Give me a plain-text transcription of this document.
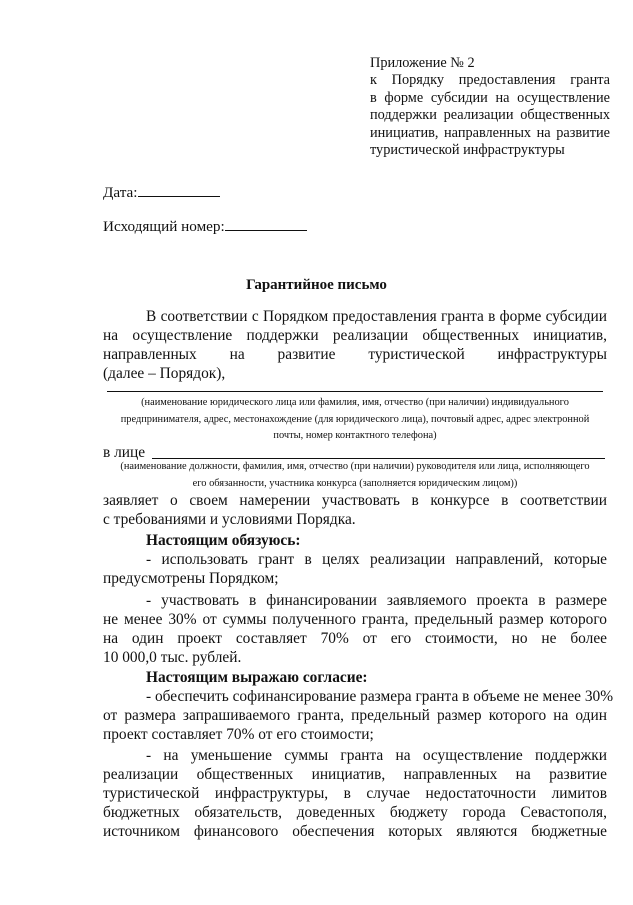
Приложение № 2
к Порядку предоставления гранта
в форме субсидии на осуществление
поддержки реализации общественных
инициатив, направленных на развитие
туристической инфраструктуры
Дата:
Исходящий номер:
Гарантийное письмо
В соответствии с Порядком предоставления гранта в форме субсидии
на осуществление поддержки реализации общественных инициатив,
направленных на развитие туристической инфраструктуры
(далее – Порядок),
(наименование юридического лица или фамилия, имя, отчество (при наличии) индивидуального
предпринимателя, адрес, местонахождение (для юридического лица), почтовый адрес, адрес электронной
почты, номер контактного телефона)
в лице
(наименование должности, фамилия, имя, отчество (при наличии) руководителя или лица, исполняющего
его обязанности, участника конкурса (заполняется юридическим лицом))
заявляет о своем намерении участвовать в конкурсе в соответствии
с требованиями и условиями Порядка.
Настоящим обязуюсь:
- использовать грант в целях реализации направлений, которые
предусмотрены Порядком;
- участвовать в финансировании заявляемого проекта в размере
не менее 30% от суммы полученного гранта, предельный размер которого
на один проект составляет 70% от его стоимости, но не более
10 000,0 тыс. рублей.
Настоящим выражаю согласие:
- обеспечить софинансирование размера гранта в объеме не менее 30%
от размера запрашиваемого гранта, предельный размер которого на один
проект составляет 70% от его стоимости;
- на уменьшение суммы гранта на осуществление поддержки
реализации общественных инициатив, направленных на развитие
туристической инфраструктуры, в случае недостаточности лимитов
бюджетных обязательств, доведенных бюджету города Севастополя,
источником финансового обеспечения которых являются бюджетные
